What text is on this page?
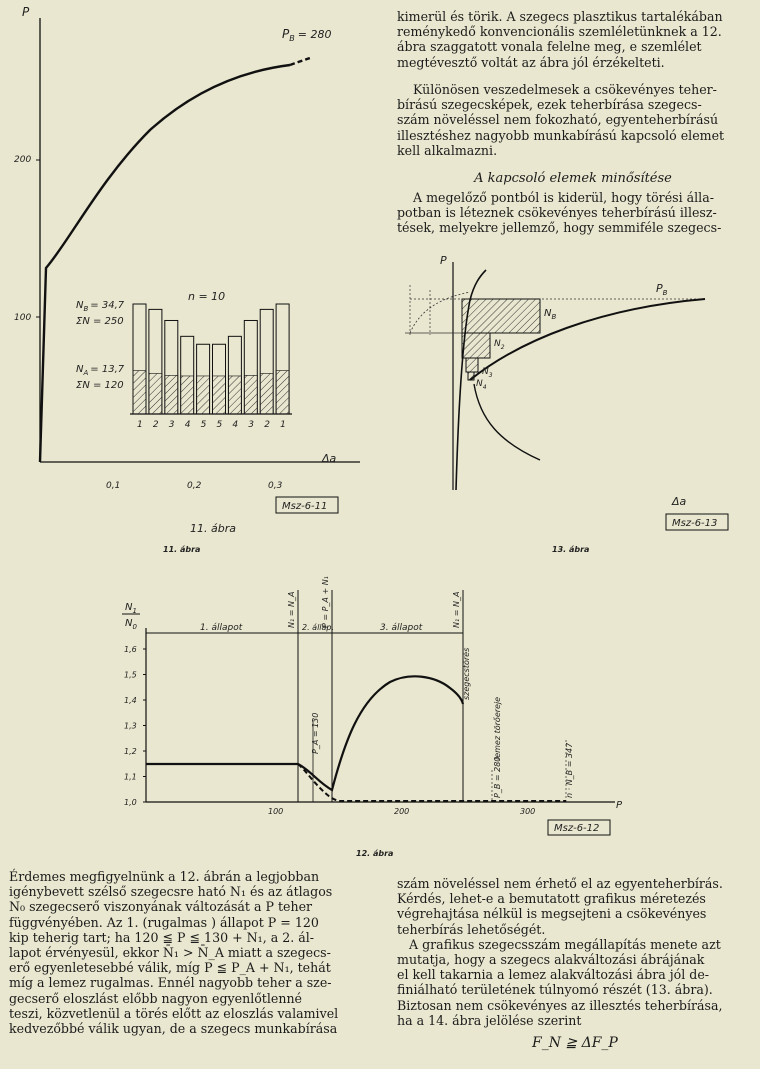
P
100
200
0,1	0,2	0,3
Δa
$P_B = 280$
n = 10
$N_B = 34,7$
ΣN = 250
$N_A = 13,7$
ΣN = 120
1 2 3 4 5 5 4 3 2 1
Msz-6-11
11. ábra
11. ábra
kimerül és törik. A szegecs plasztikus tartalékában
reménykedő konvencionális szemléletünknek a 12.
ábra szaggatott vonala felelne meg, e szemlélet
megtévesztő voltát az ábra jól érzékelteti.
Különösen veszedelmesek a csökevényes teher-
bírású szegecsképek, ezek teherbírása szegecs-
szám növeléssel nem fokozható, egyenteherbírású
illesztéshez nagyobb munkabírású kapcsoló elemet
kell alkalmazni.
A kapcsoló elemek minősítése
A megelőző pontból is kiderül, hogy törési álla-
potban is léteznek csökevényes teherbírású illesz-
tések, melyekre jellemző, hogy semmiféle szegecs-
P
$P_B$
$N_B$
$N_2$
$N_3$
$N_4$
Δa
Msz-6-13
13. ábra
$N_1$
$N_0$
P
1,0
1,1
1,2
1,3
1,4
1,5
1,6
100	200	300
1. állapot	2. állap.	3. állapot
N₁ = N_A	P = P_A + N₁	N₁ = N_A
P_A = 130
szegecstörés
lemez törőereje
P_B = 280	n · N_B = 347
Msz-6-12
12. ábra
Érdemes megfigyelnünk a 12. ábrán a legjobban
igénybevett szélső szegecsre ható N₁ és az átlagos
N₀ szegecserő viszonyának változását a P teher
függvényében. Az 1. (rugalmas ) állapot P = 120
kip teherig tart; ha 120 ≦ P ≦ 130 + N₁, a 2. ál-
lapot érvényesül, ekkor N̄₁ > N̄_A miatt a szegecs-
erő egyenletesebbé válik, míg P ≦ P_A + N₁, tehát
míg a lemez rugalmas. Ennél nagyobb teher a sze-
gecserő eloszlást előbb nagyon egyenlőtlenné
teszi, közvetlenül a törés előtt az eloszlás valamivel
kedvezőbbé válik ugyan, de a szegecs munkabírása
szám növeléssel nem érhető el az egyenteherbírás.
Kérdés, lehet-e a bemutatott grafikus méretezés
végrehajtása nélkül is megsejteni a csökevényes
teherbírás lehetőségét.
A grafikus szegecsszám megállapítás menete azt
mutatja, hogy a szegecs alakváltozási ábrájának
el kell takarnia a lemez alakváltozási ábra jól de-
finiálható területének túlnyomó részét (13. ábra).
Biztosan nem csökevényes az illesztés teherbírása,
ha a 14. ábra jelölése szerint
F_N ≧ ΔF_P
